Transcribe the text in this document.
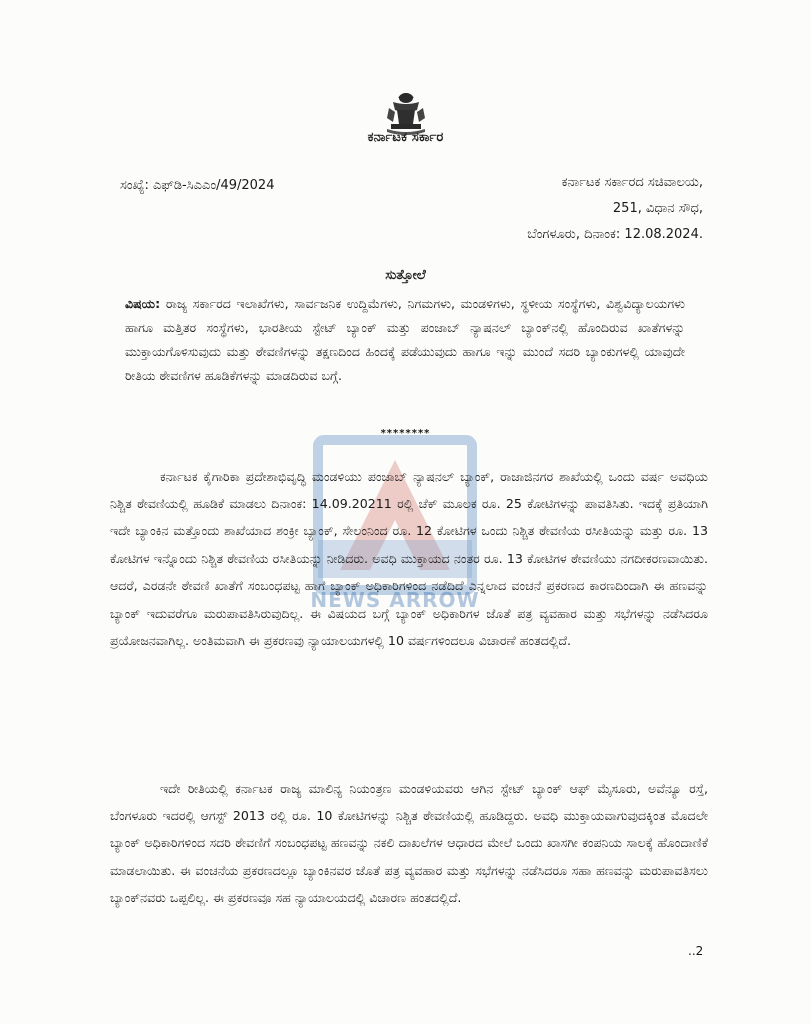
ಕರ್ನಾಟಕ ಸರ್ಕಾರ
ಸಂಖ್ಯೆ: ಎಫ್‌ಡಿ-ಸಿಎಎಂ/49/2024	ಕರ್ನಾಟಕ ಸರ್ಕಾರದ ಸಚಿವಾಲಯ,
251, ವಿಧಾನ ಸೌಧ,
ಬೆಂಗಳೂರು, ದಿನಾಂಕ: 12.08.2024.
ಸುತ್ತೋಲೆ
ವಿಷಯ: ರಾಜ್ಯ ಸರ್ಕಾರದ ಇಲಾಖೆಗಳು, ಸಾರ್ವಜನಿಕ ಉದ್ದಿಮೆಗಳು, ನಿಗಮಗಳು, ಮಂಡಳಿಗಳು, ಸ್ಥಳೀಯ ಸಂಸ್ಥೆಗಳು, ವಿಶ್ವವಿದ್ಯಾಲಯಗಳು ಹಾಗೂ ಮತ್ತಿತರ ಸಂಸ್ಥೆಗಳು, ಭಾರತೀಯ ಸ್ಟೇಟ್ ಬ್ಯಾಂಕ್ ಮತ್ತು ಪಂಜಾಬ್ ನ್ಯಾಷನಲ್ ಬ್ಯಾಂಕ್‌ನಲ್ಲಿ ಹೊಂದಿರುವ ಖಾತೆಗಳನ್ನು ಮುಕ್ತಾಯಗೊಳಿಸುವುದು ಮತ್ತು ಠೇವಣಿಗಳನ್ನು ತಕ್ಷಣದಿಂದ ಹಿಂದಕ್ಕೆ ಪಡೆಯುವುದು ಹಾಗೂ ಇನ್ನು ಮುಂದೆ ಸದರಿ ಬ್ಯಾಂಕುಗಳಲ್ಲಿ ಯಾವುದೇ ರೀತಿಯ ಠೇವಣಿಗಳ ಹೂಡಿಕೆಗಳನ್ನು ಮಾಡದಿರುವ ಬಗ್ಗೆ.
********
NEWS ARROW

ಕರ್ನಾಟಕ ಕೈಗಾರಿಕಾ ಪ್ರದೇಶಾಭಿವೃದ್ಧಿ ಮಂಡಳಿಯು ಪಂಜಾಬ್ ನ್ಯಾಷನಲ್ ಬ್ಯಾಂಕ್, ರಾಜಾಜಿನಗರ ಶಾಖೆಯಲ್ಲಿ ಒಂದು ವರ್ಷ ಅವಧಿಯ ನಿಶ್ಚಿತ ಠೇವಣಿಯಲ್ಲಿ ಹೂಡಿಕೆ ಮಾಡಲು ದಿನಾಂಕ: 14.09.20211 ರಲ್ಲಿ ಚೆಕ್ ಮೂಲಕ ರೂ. 25 ಕೋಟಿಗಳನ್ನು ಪಾವತಿಸಿತು. ಇದಕ್ಕೆ ಪ್ರತಿಯಾಗಿ ಇದೇ ಬ್ಯಾಂಕಿನ ಮತ್ತೊಂದು ಶಾಖೆಯಾದ ಶಂಕ್ರೀ ಬ್ಯಾಂಕ್, ಸೇಲಂನಿಂದ ರೂ. 12 ಕೋಟಿಗಳ ಒಂದು ನಿಶ್ಚಿತ ಠೇವಣಿಯ ರಸೀತಿಯನ್ನು ಮತ್ತು ರೂ. 13 ಕೋಟಿಗಳ ಇನ್ನೊಂದು ನಿಶ್ಚಿತ ಠೇವಣಿಯ ರಸೀತಿಯನ್ನು ನೀಡಿದರು. ಅವಧಿ ಮುಕ್ತಾಯದ ನಂತರ ರೂ. 13 ಕೋಟಿಗಳ ಠೇವಣಿಯು ನಗದೀಕರಣವಾಯಿತು. ಆದರೆ, ಎರಡನೇ ಠೇವಣಿ ಖಾತೆಗೆ ಸಂಬಂಧಪಟ್ಟ ಹಾಗೆ ಬ್ಯಾಂಕ್ ಅಧಿಕಾರಿಗಳಿಂದ ನಡೆದಿದೆ ಎನ್ನಲಾದ ವಂಚನೆ ಪ್ರಕರಣದ ಕಾರಣದಿಂದಾಗಿ ಈ ಹಣವನ್ನು ಬ್ಯಾಂಕ್ ಇದುವರೆಗೂ ಮರುಪಾವತಿಸಿರುವುದಿಲ್ಲ. ಈ ವಿಷಯದ ಬಗ್ಗೆ ಬ್ಯಾಂಕ್ ಅಧಿಕಾರಿಗಳ ಜೊತೆ ಪತ್ರ ವ್ಯವಹಾರ ಮತ್ತು ಸಭೆಗಳನ್ನು ನಡೆಸಿದರೂ ಪ್ರಯೋಜನವಾಗಿಲ್ಲ. ಅಂತಿಮವಾಗಿ ಈ ಪ್ರಕರಣವು ನ್ಯಾಯಾಲಯಗಳಲ್ಲಿ 10 ವರ್ಷಗಳಿಂದಲೂ ವಿಚಾರಣೆ ಹಂತದಲ್ಲಿದೆ.

ಇದೇ ರೀತಿಯಲ್ಲಿ ಕರ್ನಾಟಕ ರಾಜ್ಯ ಮಾಲಿನ್ಯ ನಿಯಂತ್ರಣ ಮಂಡಳಿಯವರು ಆಗಿನ ಸ್ಟೇಟ್ ಬ್ಯಾಂಕ್ ಆಫ್ ಮೈಸೂರು, ಅವೆನ್ಯೂ ರಸ್ತೆ, ಬೆಂಗಳೂರು ಇದರಲ್ಲಿ ಆಗಸ್ಟ್ 2013 ರಲ್ಲಿ ರೂ. 10 ಕೋಟಿಗಳನ್ನು ನಿಶ್ಚಿತ ಠೇವಣಿಯಲ್ಲಿ ಹೂಡಿದ್ದರು. ಅವಧಿ ಮುಕ್ತಾಯವಾಗುವುದಕ್ಕಿಂತ ಮೊದಲೇ ಬ್ಯಾಂಕ್ ಅಧಿಕಾರಿಗಳಿಂದ ಸದರಿ ಠೇವಣಿಗೆ ಸಂಬಂಧಪಟ್ಟ ಹಣವನ್ನು ನಕಲಿ ದಾಖಲೆಗಳ ಆಧಾರದ ಮೇಲೆ ಒಂದು ಖಾಸಗೀ ಕಂಪನಿಯ ಸಾಲಕ್ಕೆ ಹೊಂದಾಣಿಕೆ ಮಾಡಲಾಯಿತು. ಈ ವಂಚನೆಯ ಪ್ರಕರಣದಲ್ಲೂ ಬ್ಯಾಂಕಿನವರ ಜೊತೆ ಪತ್ರ ವ್ಯವಹಾರ ಮತ್ತು ಸಭೆಗಳನ್ನು ನಡೆಸಿದರೂ ಸಹಾ ಹಣವನ್ನು ಮರುಪಾವತಿಸಲು ಬ್ಯಾಂಕ್‌ನವರು ಒಪ್ಪಲಿಲ್ಲ. ಈ ಪ್ರಕರಣವೂ ಸಹ ನ್ಯಾಯಾಲಯದಲ್ಲಿ ವಿಚಾರಣ ಹಂತದಲ್ಲಿದೆ.

..2
